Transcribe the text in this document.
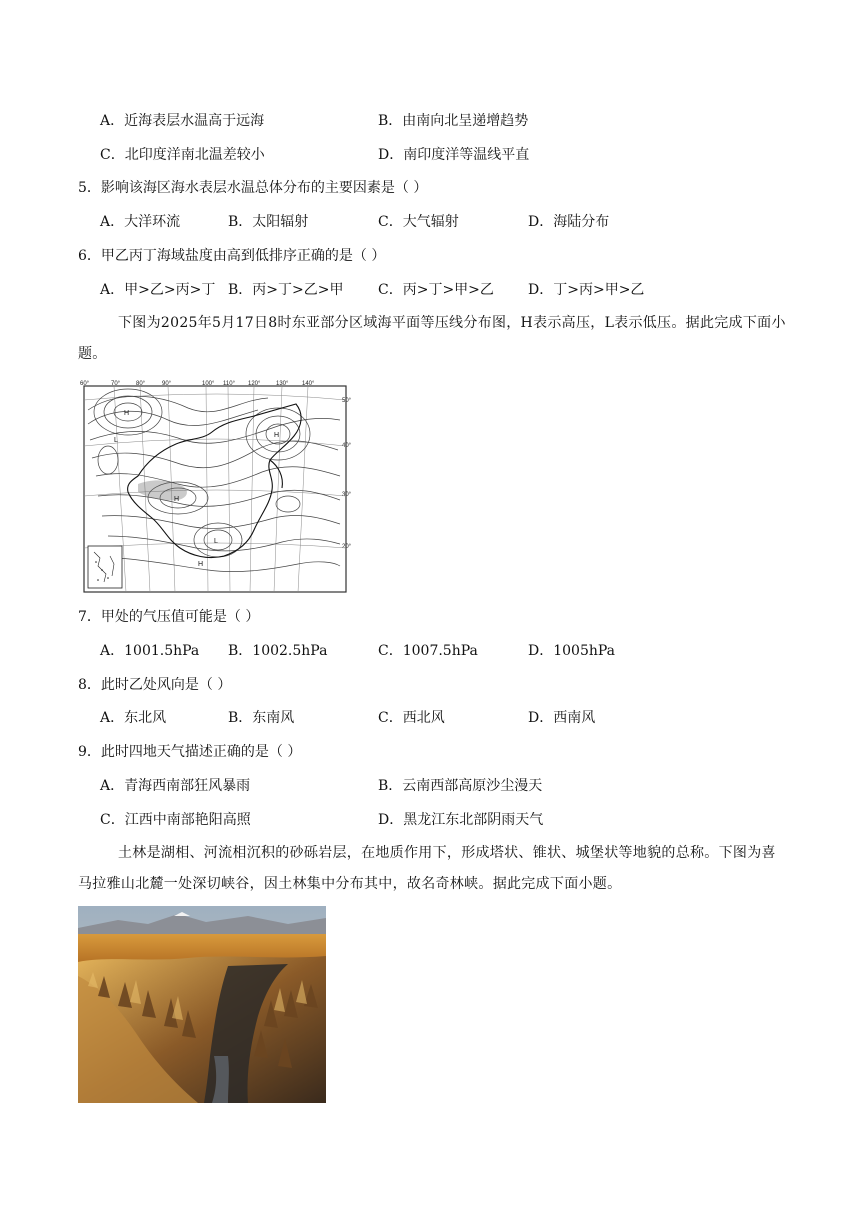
A．近海表层水温高于远海	B．由南向北呈递增趋势
C．北印度洋南北温差较小	D．南印度洋等温线平直
5．影响该海区海水表层水温总体分布的主要因素是（ ）
A．大洋环流	B．太阳辐射	C．大气辐射	D．海陆分布
6．甲乙丙丁海域盐度由高到低排序正确的是（ ）
A．甲>乙>丙>丁 B．丙>丁>乙>甲 C．丙>丁>甲>乙 D．丁>丙>甲>乙
下图为2025年5月17日8时东亚部分区域海平面等压线分布图，H表示高压，L表示低压。据此完成下面小题。
60°	70°	80°	90°	100° 110° 120°	130° 140°
50°
40°
30°
20°
H
L
H
H
L
H
7．甲处的气压值可能是（ ）
A．1001.5hPa B．1002.5hPa	C．1007.5hPa	D．1005hPa
8．此时乙处风向是（ ）
A．东北风	B．东南风	C．西北风	D．西南风
9．此时四地天气描述正确的是（ ）
A．青海西南部狂风暴雨	B．云南西部高原沙尘漫天
C．江西中南部艳阳高照	D．黑龙江东北部阴雨天气
土林是湖相、河流相沉积的砂砾岩层，在地质作用下，形成塔状、锥状、城堡状等地貌的总称。下图为喜马拉雅山北麓一处深切峡谷，因土林集中分布其中，故名奇林峡。据此完成下面小题。
